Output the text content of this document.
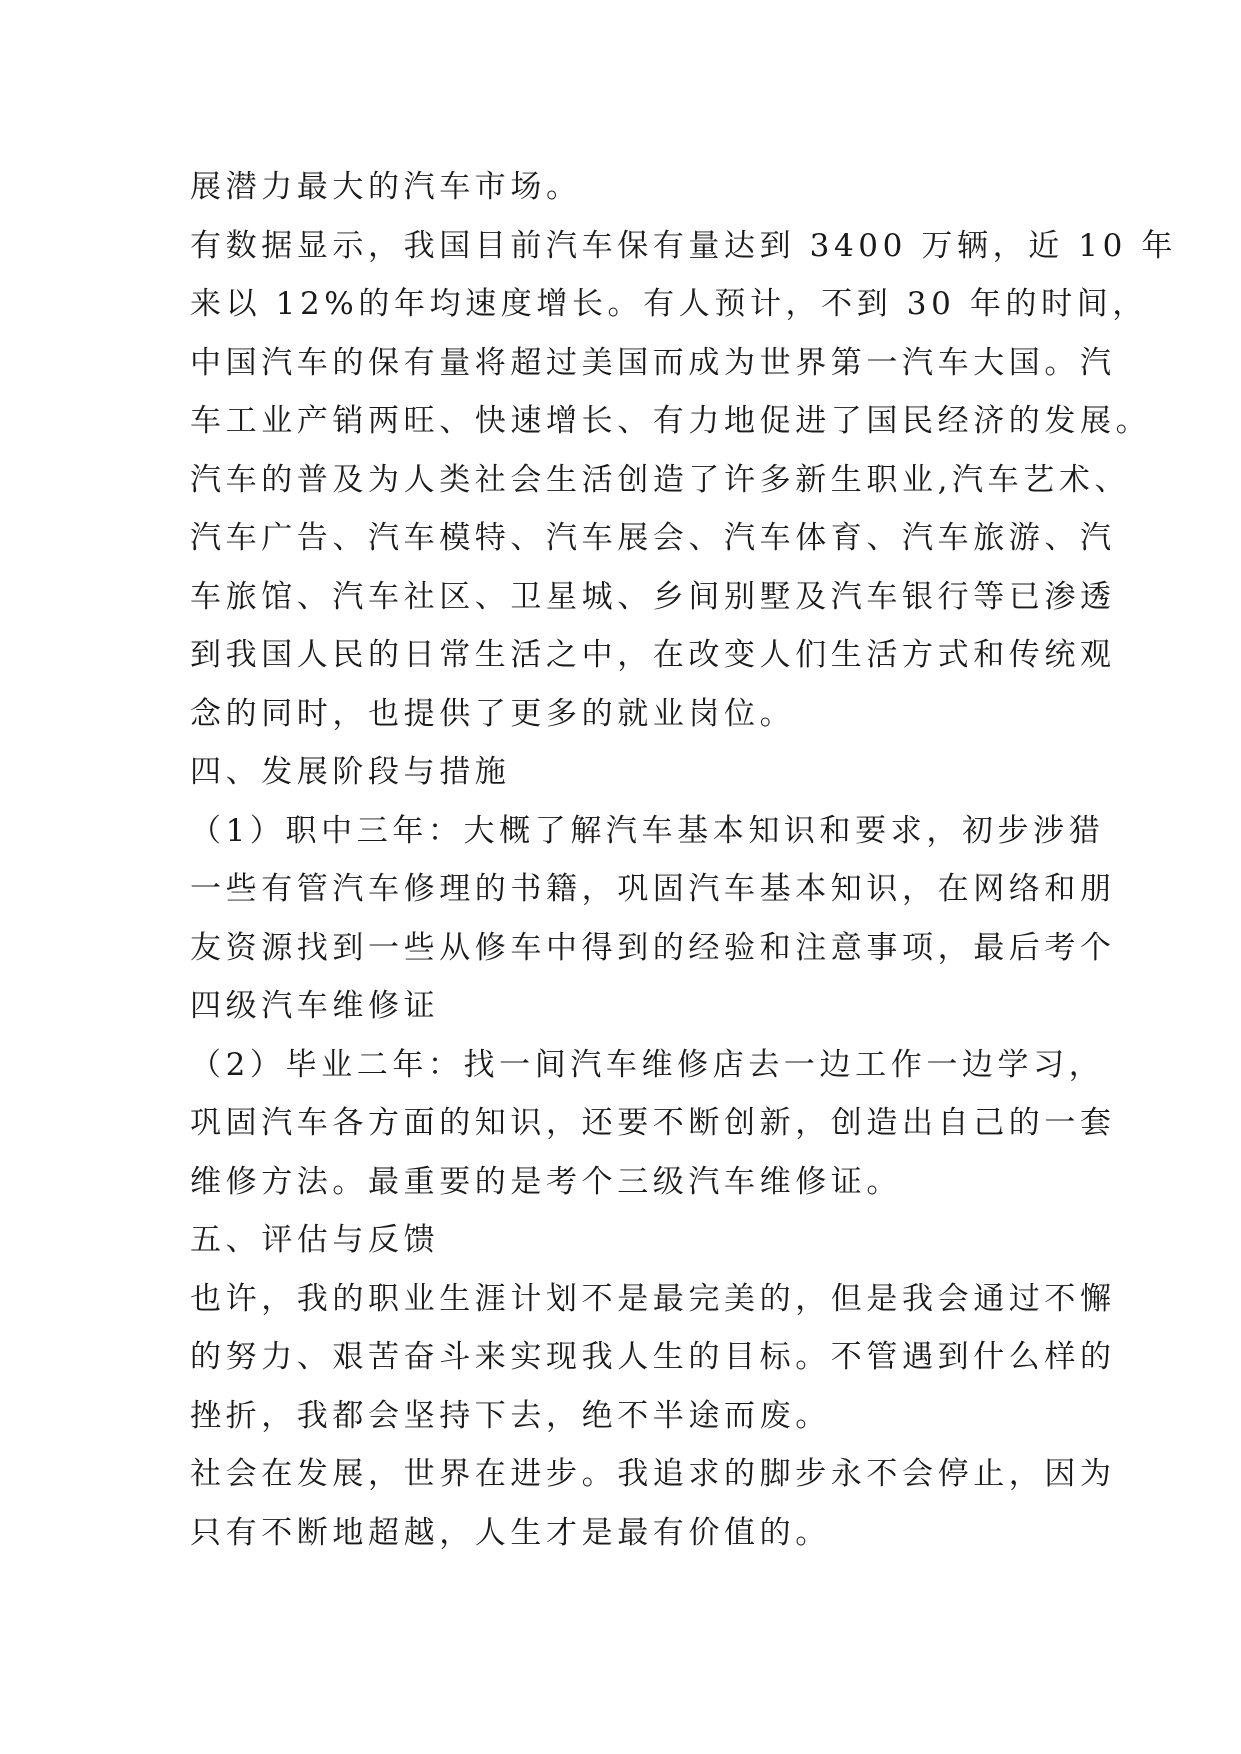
展潜力最大的汽车市场。
有数据显示，我国目前汽车保有量达到 3400 万辆，近 10 年
来以 12%的年均速度增长。有人预计，不到 30 年的时间，
中国汽车的保有量将超过美国而成为世界第一汽车大国。汽
车工业产销两旺、快速增长、有力地促进了国民经济的发展。
汽车的普及为人类社会生活创造了许多新生职业,汽车艺术、
汽车广告、汽车模特、汽车展会、汽车体育、汽车旅游、汽
车旅馆、汽车社区、卫星城、乡间别墅及汽车银行等已渗透
到我国人民的日常生活之中，在改变人们生活方式和传统观
念的同时，也提供了更多的就业岗位。
四、发展阶段与措施
（1）职中三年：大概了解汽车基本知识和要求，初步涉猎
一些有管汽车修理的书籍，巩固汽车基本知识，在网络和朋
友资源找到一些从修车中得到的经验和注意事项，最后考个
四级汽车维修证
（2）毕业二年：找一间汽车维修店去一边工作一边学习，
巩固汽车各方面的知识，还要不断创新，创造出自己的一套
维修方法。最重要的是考个三级汽车维修证。
五、评估与反馈
也许，我的职业生涯计划不是最完美的，但是我会通过不懈
的努力、艰苦奋斗来实现我人生的目标。不管遇到什么样的
挫折，我都会坚持下去，绝不半途而废。
社会在发展，世界在进步。我追求的脚步永不会停止，因为
只有不断地超越，人生才是最有价值的。
